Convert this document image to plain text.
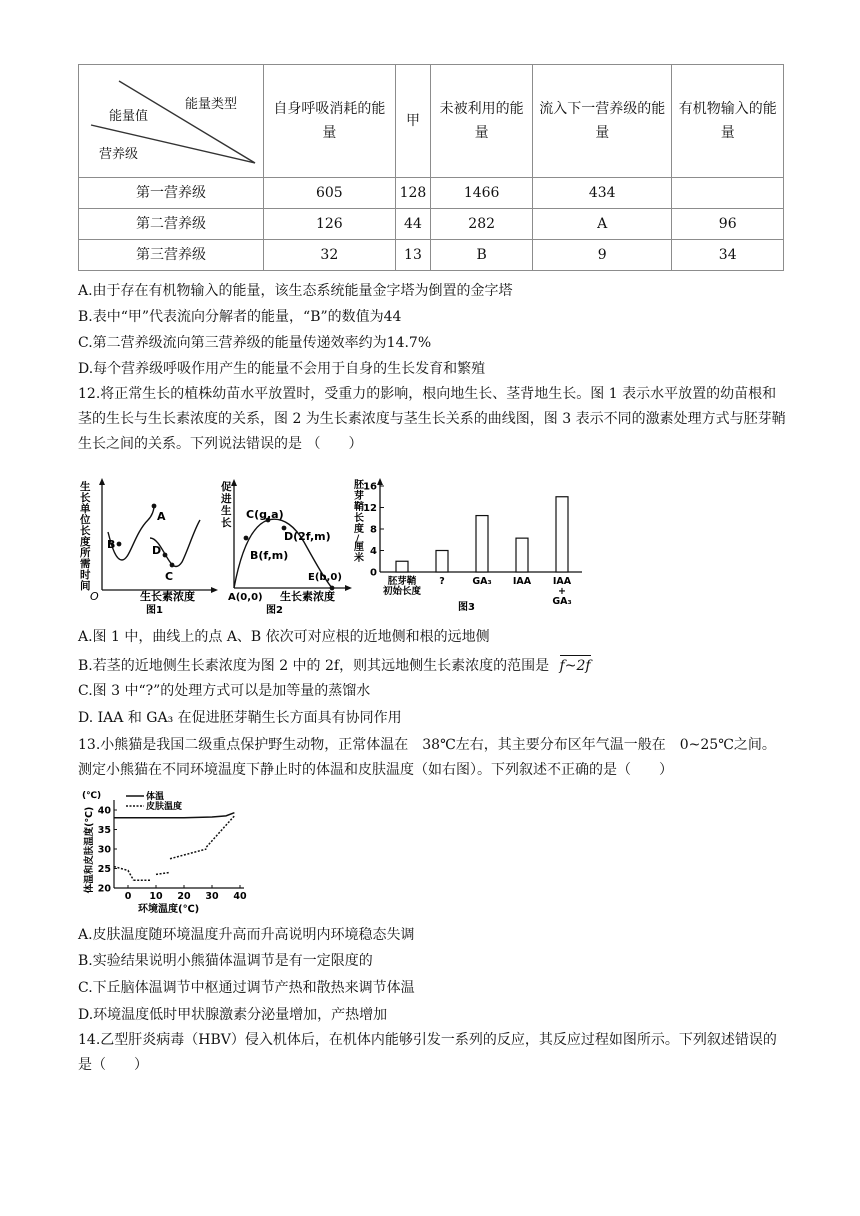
能量类型
能量值
营养级	自身呼吸消耗的能量	甲	未被利用的能量	流入下一营养级的能量	有机物输入的能量
第一营养级	605	128	1466	434	
第二营养级	126	44	282	A	96
第三营养级	32	13	B	9	34
A.由于存在有机物输入的能量，该生态系统能量金字塔为倒置的金字塔
B.表中“甲”代表流向分解者的能量，“B”的数值为44
C.第二营养级流向第三营养级的能量传递效率约为14.7%
D.每个营养级呼吸作用产生的能量不会用于自身的生长发育和繁殖
12.将正常生长的植株幼苗水平放置时，受重力的影响，根向地生长、茎背地生长。图 1 表示水平放置的幼苗根和茎的生长与生长素浓度的关系，图 2 为生长素浓度与茎生长关系的曲线图，图 3 表示不同的激素处理方式与胚芽鞘生长之间的关系。下列说法错误的是 （　　）
生
长
单
位
长
度
所
需
时
间
A
B
C
D
O	生长素浓度
图1
促
进
生
长
C(g,a)
D(2f,m)
B(f,m)
E(b,0)
A(0,0) 生长素浓度
图2
胚
芽
鞘
长
度
/
厘
米
0
4
8
12
16
胚芽鞘
初始长度
?	GA₃ IAA IAA
+
GA₃
图3
A.图 1 中，曲线上的点 A、B 依次可对应根的近地侧和根的远地侧
B.若茎的近地侧生长素浓度为图 2 中的 2f，则其远地侧生长素浓度的范围是 f~2f
C.图 3 中“?”的处理方式可以是加等量的蒸馏水
D. IAA 和 GA₃ 在促进胚芽鞘生长方面具有协同作用
13.小熊猫是我国二级重点保护野生动物，正常体温在　38℃左右，其主要分布区年气温一般在　0~25℃之间。测定小熊猫在不同环境温度下静止时的体温和皮肤温度（如右图）。下列叙述不正确的是（　　）
体温和皮肤温度(℃) 20
25
30
35
40
0 10 20 30 40
体温
皮肤温度
(℃)
环境温度(℃)
A.皮肤温度随环境温度升高而升高说明内环境稳态失调
B.实验结果说明小熊猫体温调节是有一定限度的
C.下丘脑体温调节中枢通过调节产热和散热来调节体温
D.环境温度低时甲状腺激素分泌量增加，产热增加
14.乙型肝炎病毒（HBV）侵入机体后，在机体内能够引发一系列的反应，其反应过程如图所示。下列叙述错误的是（　　）
